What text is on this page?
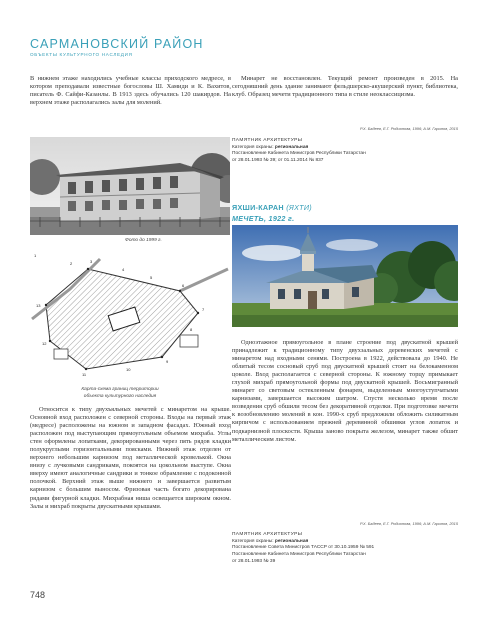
САРМАНОВСКИЙ РАЙОН
ОБЪЕКТЫ КУЛЬТУРНОГО НАСЛЕДИЯ

В нижнем этаже находились учебные классы приходского медресе, в котором преподавали известные богословы Ш. Хамиди и К. Вахитов, писатель Ф. Сайфи-Казанлы. В 1913 здесь обучались 120 шакирдов. На верхнем этаже располагались залы для молений.

Минарет не восстановлен. Текущий ремонт произведен в 2015. На сегодняшний день здание занимают фельдшерско-акушерский пункт, библиотека, клуб. Образец мечети традиционного типа в стиле неоклассицизма.

Р.Х. Бадеев, Е.Г. Родионова, 1996; А.М. Гарипов, 2015
ПАМЯТНИК АРХИТЕКТУРЫ
Категория охраны: региональная
Постановление Кабинета Министров Республики Татарстан
от 28.01.1993 № 39; от 01.11.2014 № 837
ЯХШИ-КАРАН (ЯХТИ)
МЕЧЕТЬ, 1922 г.
Фото до 1999 г.
1
2	3
4
5
6
7
8
9
10
11
12
13
Карта-схема границ территории
объекта культурного наследия

Относится к типу двухъяльных мечетей с минаретом на крыше. Основной вход расположен с северной стороны. Входы на первый этаж (медресе) расположены на южном и западном фасадах. Южный вход расположен под выступающим прямоугольным объемом михраба. Углы стен оформлены лопатками, декорированными через пять рядов кладки полукруглыми горизонтальными поясками. Нижний этаж отделен от верхнего небольшим карнизом под металлической кровелькой. Окна внизу с лучковыми сандриками, покоятся на цокольном выступе. Окна вверху имеют аналогичные сандрики и тонкое обрамление с подоконной полочкой. Верхний этаж выше нижнего и завершается развитым карнизом с большим выносом. Фризовая часть богато декорирована рядами фигурной кладки. Михрабная ниша освещается широким окном. Залы и михраб покрыты двускатными крышами.

Одноэтажное прямоугольное в плане строение под двускатной крышей принадлежит к традиционному типу двухзальных деревенских мечетей с минаретом над входными сенями. Построена в 1922, действовала до 1940. Не облитый тесом сосновый сруб под двускатной крышей стоит на белокаменном цоколе. Вход располагается с северной стороны. К южному торцу примыкает глухой михраб прямоугольной формы под двускатной крышей. Восьмигранный минарет со световым остекленным фонарем, выделенным многоуступчатыми карнизами, завершается высоким шатром. Спустя несколько время после возведения сруб обшили тесом без декоративной отделки. При подготовке мечети к возобновлению молений в кон. 1990-х сруб предложили обложить силикатным кирпичом с использованием прежней деревянной обшивки углов лопаток и подкарнизной плоскости. Крыша заново покрыта железом, минарет также обшит металлическим листом.

Р.Х. Бадеев, Е.Г. Родионова, 1996; А.М. Гарипов, 2015
ПАМЯТНИК АРХИТЕКТУРЫ
Категория охраны: региональная
Постановление Совета Министров ТАССР от 30.10.1959 № 591
Постановление Кабинета Министров Республики Татарстан
от 28.01.1993 № 39
748
